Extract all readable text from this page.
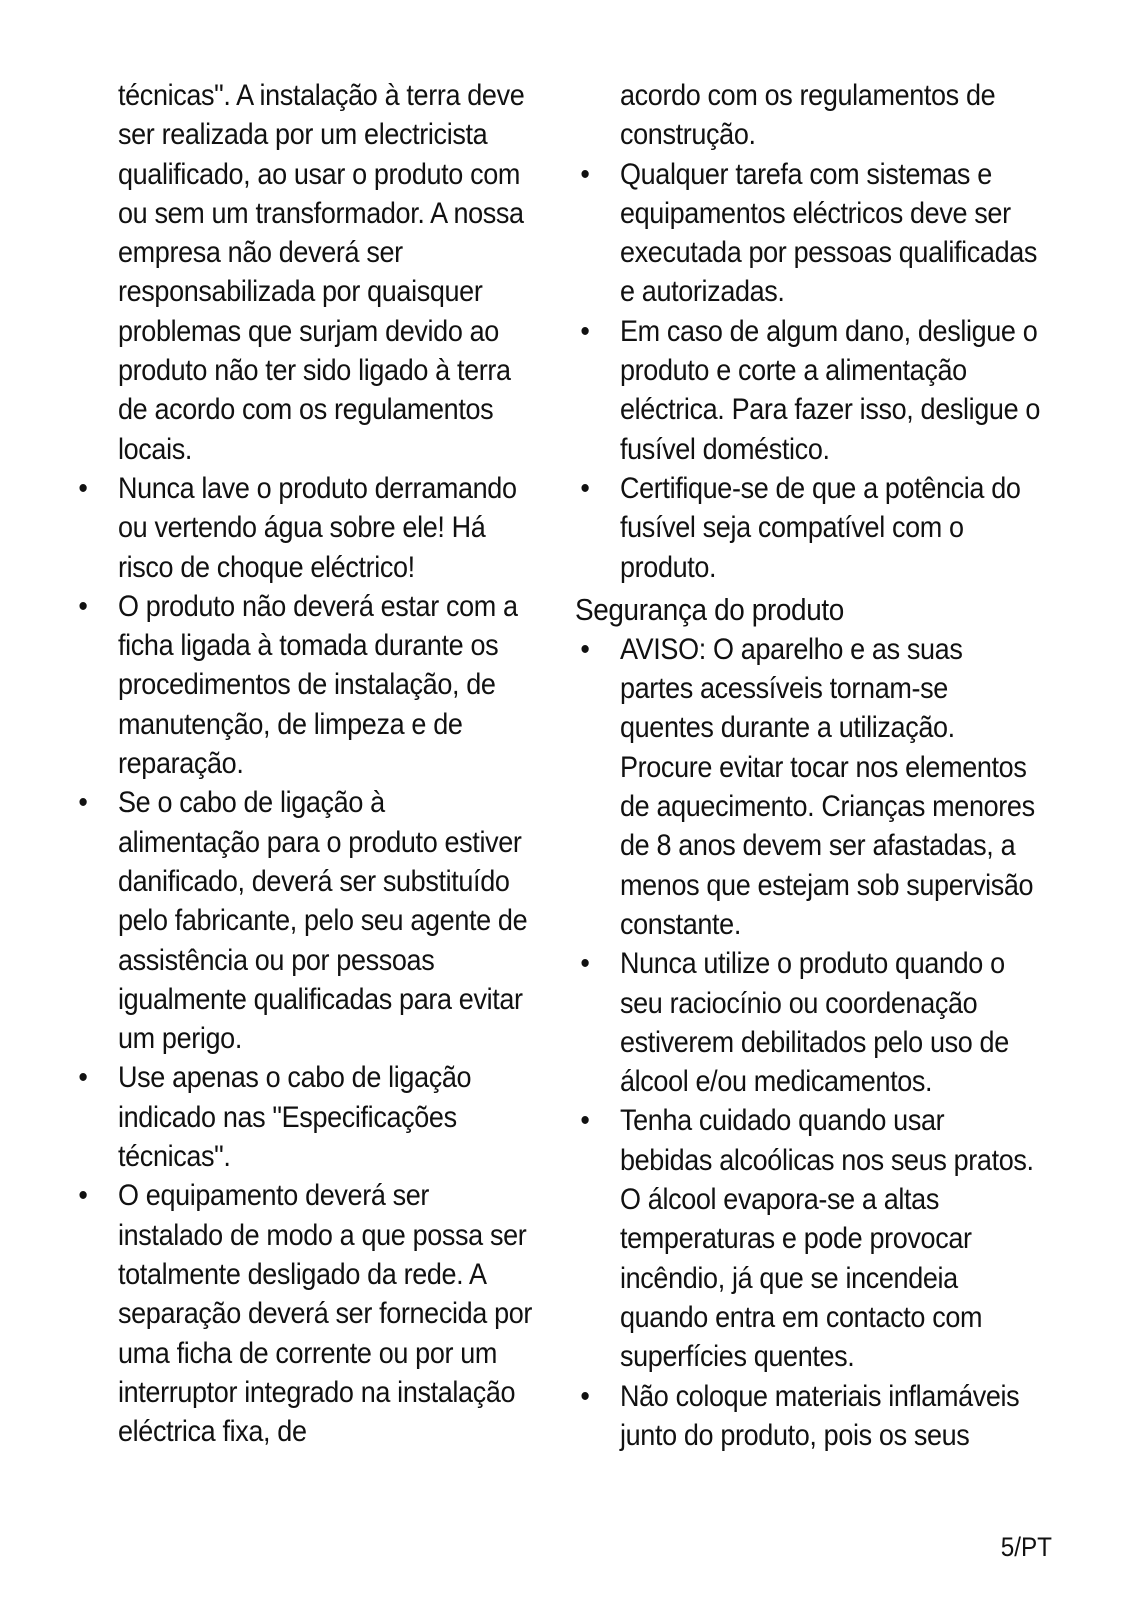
técnicas". A instalação à terra deve ser realizada por um electricista qualificado, ao usar o produto com ou sem um transformador. A nossa empresa não deverá ser responsabilizada por quaisquer problemas que surjam devido ao produto não ter sido ligado à terra de acordo com os regulamentos locais.
• Nunca lave o produto derramando ou vertendo água sobre ele! Há risco de choque eléctrico!
• O produto não deverá estar com a ficha ligada à tomada durante os procedimentos de instalação, de manutenção, de limpeza e de reparação.
• Se o cabo de ligação à alimentação para o produto estiver danificado, deverá ser substituído pelo fabricante, pelo seu agente de assistência ou por pessoas igualmente qualificadas para evitar um perigo.
• Use apenas o cabo de ligação indicado nas "Especificações técnicas".
• O equipamento deverá ser instalado de modo a que possa ser totalmente desligado da rede. A separação deverá ser fornecida por uma ficha de corrente ou por um interruptor integrado na instalação eléctrica fixa, de
acordo com os regulamentos de construção.
• Qualquer tarefa com sistemas e equipamentos eléctricos deve ser executada por pessoas qualificadas e autorizadas.
• Em caso de algum dano, desligue o produto e corte a alimentação eléctrica. Para fazer isso, desligue o fusível doméstico.
• Certifique-se de que a potência do fusível seja compatível com o produto.
Segurança do produto
• AVISO: O aparelho e as suas partes acessíveis tornam-se quentes durante a utilização. Procure evitar tocar nos elementos de aquecimento. Crianças menores de 8 anos devem ser afastadas, a menos que estejam sob supervisão constante.
• Nunca utilize o produto quando o seu raciocínio ou coordenação estiverem debilitados pelo uso de álcool e/ou medicamentos.
• Tenha cuidado quando usar bebidas alcoólicas nos seus pratos. O álcool evapora-se a altas temperaturas e pode provocar incêndio, já que se incendeia quando entra em contacto com superfícies quentes.
• Não coloque materiais inflamáveis junto do produto, pois os seus
5/PT
